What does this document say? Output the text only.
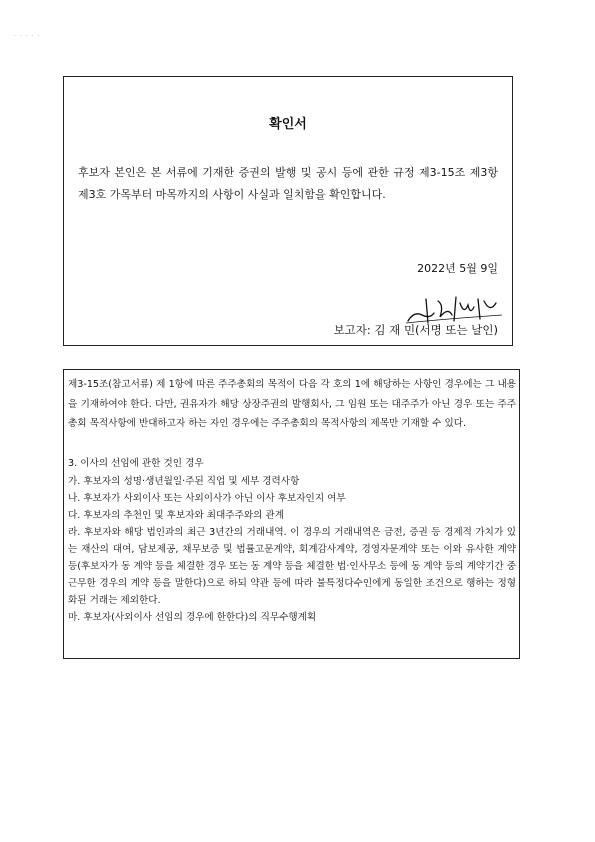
· · · · ·
확인서
후보자 본인은 본 서류에 기재한 증권의 발행 및 공시 등에 관한 규정 제3-15조 제3항 제3호 가목부터 마목까지의 사항이 사실과 일치함을 확인합니다.
2022년 5월 9일
보고자: 김 재 민(서명 또는 날인)
제3-15조(참고서류) 제 1항에 따른 주주총회의 목적이 다음 각 호의 1에 해당하는 사항인 경우에는 그 내용을 기재하여야 한다. 다만, 권유자가 해당 상장주권의 발행회사, 그 임원 또는 대주주가 아닌 경우 또는 주주총회 목적사항에 반대하고자 하는 자인 경우에는 주주총회의 목적사항의 제목만 기재할 수 있다.
3. 이사의 선임에 관한 것인 경우
가. 후보자의 성명·생년월일·주된 직업 및 세부 경력사항
나. 후보자가 사외이사 또는 사외이사가 아닌 이사 후보자인지 여부
다. 후보자의 추천인 및 후보자와 최대주주와의 관계
라. 후보자와 해당 법인과의 최근 3년간의 거래내역. 이 경우의 거래내역은 금전, 증권 등 경제적 가치가 있는 재산의 대여, 담보제공, 채무보증 및 법률고문계약, 회계감사계약, 경영자문계약 또는 이와 유사한 계약 등(후보자가 동 계약 등을 체결한 경우 또는 동 계약 등을 체결한 법·인사무소 등에 동 계약 등의 계약기간 중 근무한 경우의 계약 등을 말한다)으로 하되 약관 등에 따라 불특정다수인에게 동일한 조건으로 행하는 정형화된 거래는 제외한다.
마. 후보자(사외이사 선임의 경우에 한한다)의 직무수행계획
